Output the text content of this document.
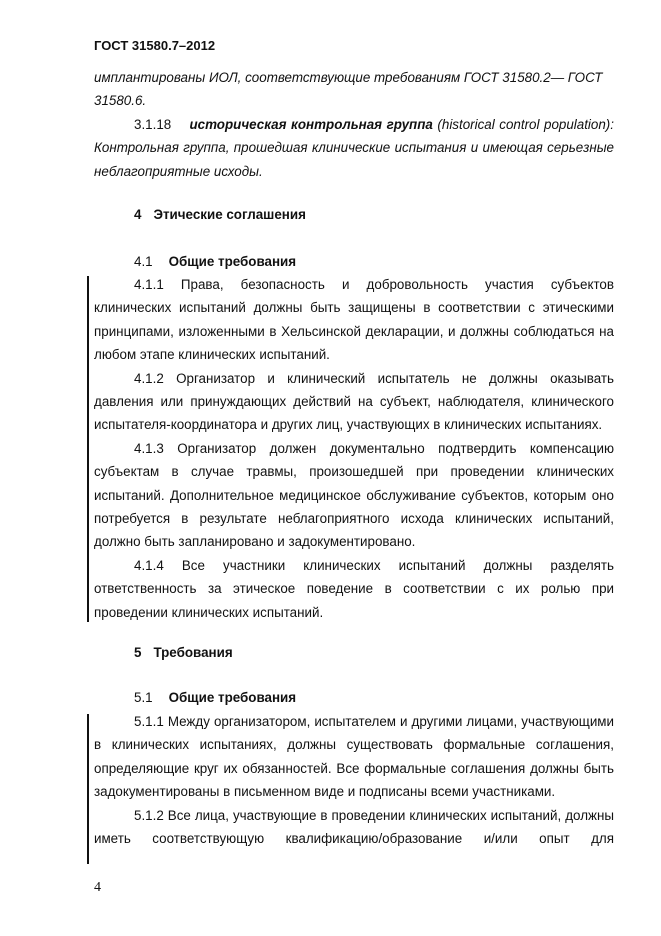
ГОСТ 31580.7–2012

имплантированы ИОЛ, соответствующие требованиям ГОСТ 31580.2— ГОСТ

31580.6.

3.1.18 историческая контрольная группа (historical control population): Контрольная группа, прошедшая клинические испытания и имеющая серьезные неблагоприятные исходы.

4 Этические соглашения
4.1 Общие требования

4.1.1 Права, безопасность и добровольность участия субъектов клинических испытаний должны быть защищены в соответствии с этическими принципами, изложенными в Хельсинской декларации, и должны соблюдаться на любом этапе клинических испытаний.

4.1.2 Организатор и клинический испытатель не должны оказывать давления или принуждающих действий на субъект, наблюдателя, клинического испытателя-координатора и других лиц, участвующих в клинических испытаниях.

4.1.3 Организатор должен документально подтвердить компенсацию субъектам в случае травмы, произошедшей при проведении клинических испытаний. Дополнительное медицинское обслуживание субъектов, которым оно потребуется в результате неблагоприятного исхода клинических испытаний, должно быть запланировано и задокументировано.

4.1.4 Все участники клинических испытаний должны разделять ответственность за этическое поведение в соответствии с их ролью при проведении клинических испытаний.

5 Требования
5.1 Общие требования

5.1.1 Между организатором, испытателем и другими лицами, участвующими в клинических испытаниях, должны существовать формальные соглашения, определяющие круг их обязанностей. Все формальные соглашения должны быть задокументированы в письменном виде и подписаны всеми участниками.

5.1.2 Все лица, участвующие в проведении клинических испытаний, должны иметь соответствующую квалификацию/образование и/или опыт для

4
